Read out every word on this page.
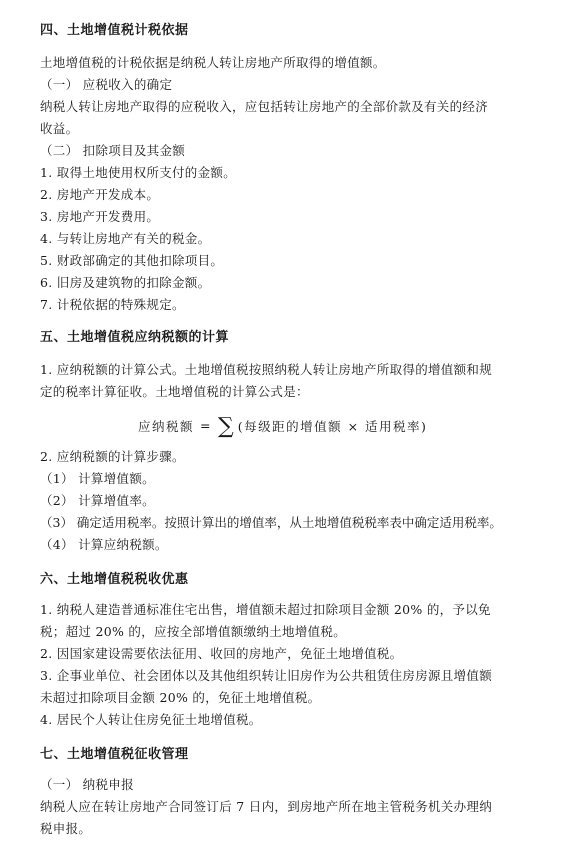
四、土地增值税计税依据
土地增值税的计税依据是纳税人转让房地产所取得的增值额。
（一） 应税收入的确定
纳税人转让房地产取得的应税收入，应包括转让房地产的全部价款及有关的经济
收益。
（二） 扣除项目及其金额
1. 取得土地使用权所支付的金额。
2. 房地产开发成本。
3. 房地产开发费用。
4. 与转让房地产有关的税金。
5. 财政部确定的其他扣除项目。
6. 旧房及建筑物的扣除金额。
7. 计税依据的特殊规定。
五、土地增值税应纳税额的计算
1. 应纳税额的计算公式。土地增值税按照纳税人转让房地产所取得的增值额和规
定的税率计算征收。土地增值税的计算公式是：
应纳税额 = ∑ (每级距的增值额 × 适用税率)
2. 应纳税额的计算步骤。
（1） 计算增值额。
（2） 计算增值率。
（3） 确定适用税率。按照计算出的增值率，从土地增值税税率表中确定适用税率。
（4） 计算应纳税额。
六、土地增值税税收优惠
1. 纳税人建造普通标准住宅出售，增值额未超过扣除项目金额 20% 的，予以免
税；超过 20% 的，应按全部增值额缴纳土地增值税。
2. 因国家建设需要依法征用、收回的房地产，免征土地增值税。
3. 企事业单位、社会团体以及其他组织转让旧房作为公共租赁住房房源且增值额
未超过扣除项目金额 20% 的，免征土地增值税。
4. 居民个人转让住房免征土地增值税。
七、土地增值税征收管理
（一） 纳税申报
纳税人应在转让房地产合同签订后 7 日内，到房地产所在地主管税务机关办理纳
税申报。
